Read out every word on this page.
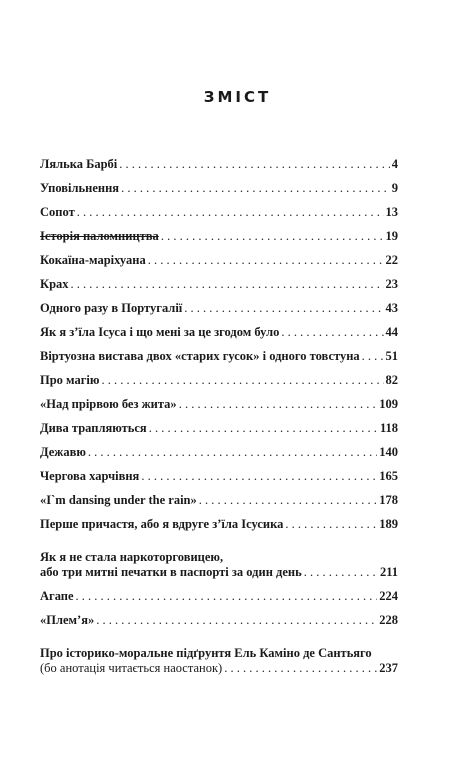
ЗМІСТ
Лялька Барбі . . .	4
Уповільнення . . .	9
Сопот . . .	13
Історія паломництва . . .	19
Кокаїна-маріхуана . . .	22
Крах . . .	23
Одного разу в Португалії . . .	43
Як я з’їла Ісуса і що мені за це згодом було . . .	44
Віртуозна вистава двох «старих гусок» і одного товстуна . . . 51
Про магію . . .	82
«Над прірвою без жита» . . .	109
Дива трапляються . . .	118
Дежавю . . .	140
Чергова харчівня . . .	165
«I`m dansing under the rain» . . .	178
Перше причастя, або я вдруге з’їла Ісусика . . .	189
Як я не стала наркоторговицею,
або три митні печатки в паспорті за один день . . .	211
Агапе . . .	224
«Плем’я» . . .	228
Про історико-моральне підґрунтя Ель Каміно де Сантьяго
(бо анотація читається наостанок) . . .	237
